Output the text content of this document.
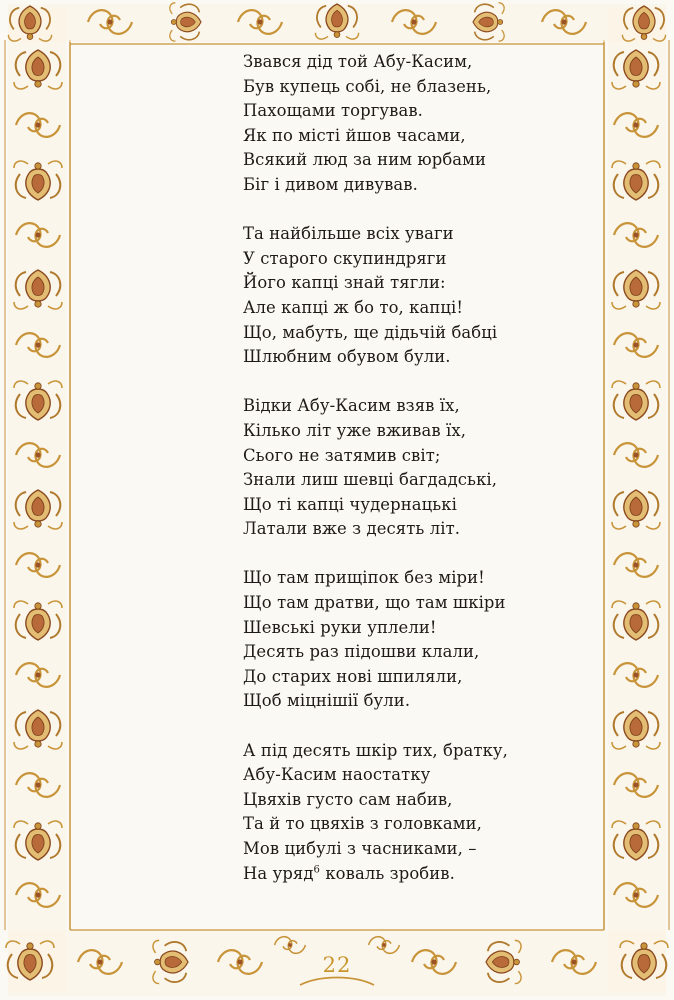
Звався дід той Абу-Касим,
Був купець собі, не блазень,
Пахощами торгував.
Як по місті йшов часами,
Всякий люд за ним юрбами
Біг і дивом дивував.
Та найбільше всіх уваги
У старого скупиндряги
Його капці знай тягли:
Але капці ж бо то, капці!
Що, мабуть, ще дідьчій бабці
Шлюбним обувом були.
Відки Абу-Касим взяв їх,
Кілько літ уже вживав їх,
Сього не затямив світ;
Знали лиш шевці багдадські,
Що ті капці чудернацькі
Латали вже з десять літ.
Що там прищіпок без міри!
Що там дратви, що там шкіри
Шевські руки уплели!
Десять раз підошви клали,
До старих нові шпиляли,
Щоб міцнішії були.
А під десять шкір тих, братку,
Абу-Касим наостатку
Цвяхів густо сам набив,
Та й то цвяхів з головками,
Мов цибулі з часниками, –
На уряд$^6$ коваль зробив.
22
